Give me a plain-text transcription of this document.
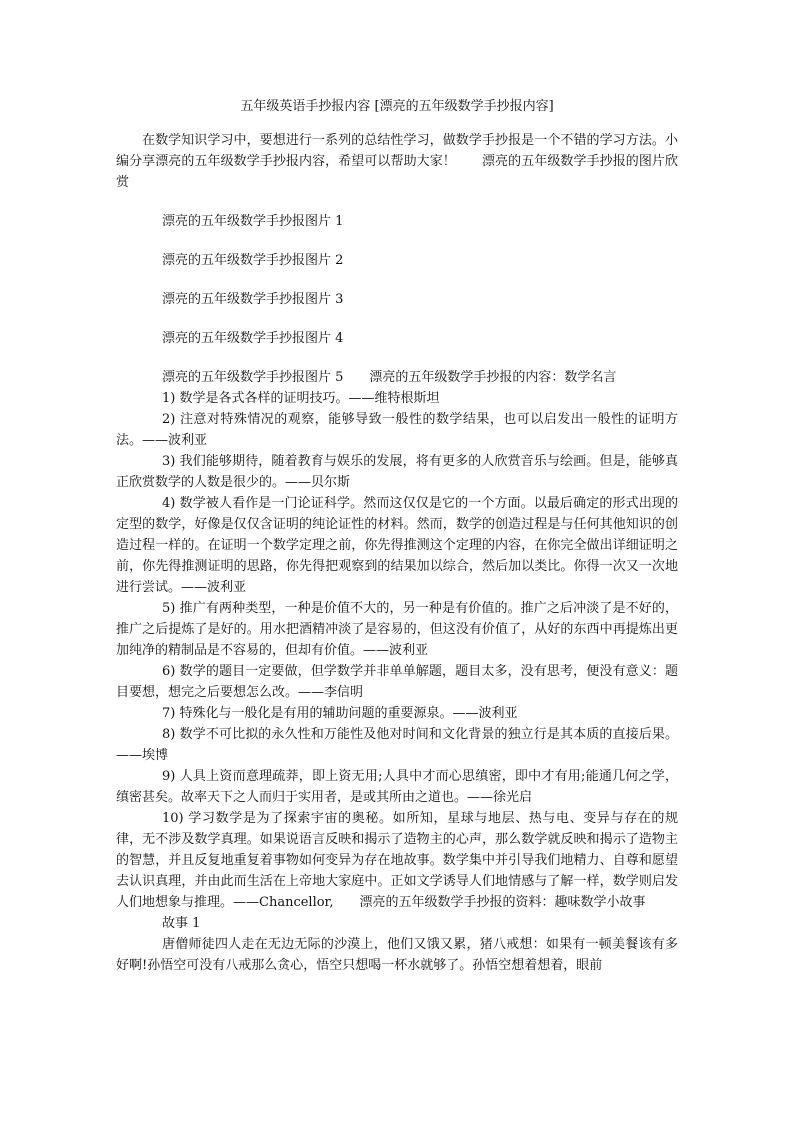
五年级英语手抄报内容 [漂亮的五年级数学手抄报内容]

在数学知识学习中，要想进行一系列的总结性学习，做数学手抄报是一个不错的学习方法。小编分享漂亮的五年级数学手抄报内容，希望可以帮助大家！　　漂亮的五年级数学手抄报的图片欣赏

漂亮的五年级数学手抄报图片 1

漂亮的五年级数学手抄报图片 2

漂亮的五年级数学手抄报图片 3

漂亮的五年级数学手抄报图片 4

漂亮的五年级数学手抄报图片 5　　漂亮的五年级数学手抄报的内容：数学名言

1) 数学是各式各样的证明技巧。——维特根斯坦

2) 注意对特殊情况的观察，能够导致一般性的数学结果，也可以启发出一般性的证明方法。——波利亚

3) 我们能够期待，随着教育与娱乐的发展，将有更多的人欣赏音乐与绘画。但是，能够真正欣赏数学的人数是很少的。——贝尔斯

4) 数学被人看作是一门论证科学。然而这仅仅是它的一个方面。以最后确定的形式出现的定型的数学，好像是仅仅含证明的纯论证性的材料。然而，数学的创造过程是与任何其他知识的创造过程一样的。在证明一个数学定理之前，你先得推测这个定理的内容，在你完全做出详细证明之前，你先得推测证明的思路，你先得把观察到的结果加以综合，然后加以类比。你得一次又一次地进行尝试。——波利亚

5) 推广有两种类型，一种是价值不大的，另一种是有价值的。推广之后冲淡了是不好的，推广之后提炼了是好的。用水把酒精冲淡了是容易的，但这没有价值了，从好的东西中再提炼出更加纯净的精制品是不容易的，但却有价值。——波利亚

6) 数学的题目一定要做，但学数学并非单单解题，题目太多，没有思考，便没有意义：题目要想，想完之后要想怎么改。——李信明

7) 特殊化与一般化是有用的辅助问题的重要源泉。——波利亚

8) 数学不可比拟的永久性和万能性及他对时间和文化背景的独立行是其本质的直接后果。——埃博

9) 人具上资而意理疏莽，即上资无用;人具中才而心思缜密，即中才有用;能通几何之学，缜密甚矣。故率天下之人而归于实用者，是或其所由之道也。——徐光启

10) 学习数学是为了探索宇宙的奥秘。如所知，星球与地层、热与电、变异与存在的规律，无不涉及数学真理。如果说语言反映和揭示了造物主的心声，那么数学就反映和揭示了造物主的智慧，并且反复地重复着事物如何变异为存在地故事。数学集中并引导我们地精力、自尊和愿望去认识真理，并由此而生活在上帝地大家庭中。正如文学诱导人们地情感与了解一样，数学则启发人们地想象与推理。——Chancellor,　　漂亮的五年级数学手抄报的资料：趣味数学小故事

故事 1

唐僧师徒四人走在无边无际的沙漠上，他们又饿又累，猪八戒想：如果有一顿美餐该有多好啊!孙悟空可没有八戒那么贪心，悟空只想喝一杯水就够了。孙悟空想着想着，眼前
